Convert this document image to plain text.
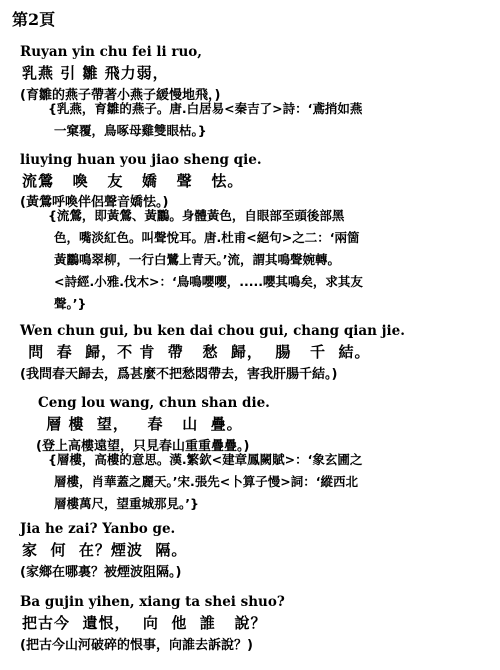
第2頁
Ruyan yin chu fei li ruo,
乳燕 引 雛 飛力弱，
(育雛的燕子帶著小燕子緩慢地飛，)
{乳燕，育雛的燕子。唐.白居易<秦吉了>詩：‘鳶捎如燕
一窠覆，鳥啄母雞雙眼枯。}
liuying huan you jiao sheng qie.
流鶯   喚   友   嬌   聲   怯。
(黃鶯呼喚伴侶聲音嬌怯。)
{流鶯，即黃鶯、黃鸝。身體黃色，自眼部至頭後部黑
色，嘴淡紅色。叫聲悅耳。唐.杜甫<絕句>之二：‘兩箇
黃鸝鳴翠柳，一行白鷺上青天。’流，謂其鳴聲婉轉。
<詩經.小雅.伐木>：‘鳥鳴嚶嚶，.....嚶其鳴矣，求其友
聲。’}
Wen chun gui, bu ken dai chou gui, chang qian jie.
問  春  歸，不 肯  帶   愁  歸，  腸   千  結。
(我問春天歸去，爲甚麼不把愁悶帶去，害我肝腸千結。)
Ceng lou wang, chun shan die.
層 樓  望，   春   山  疊。
(登上高樓遠望，只見春山重重疊疊。)
{層樓，高樓的意思。漢.繁欽<建章鳳闕賦>：‘象玄圃之
層樓，肖華蓋之麗天。’宋.張先<卜算子慢>詞：‘縱西北
層樓萬尺，望重城那見。’}
Jia he zai? Yanbo ge.
家  何  在？煙波  隔。
(家鄉在哪裏？被煙波阻隔。)
Ba gujin yihen, xiang ta shei shuo?
把古今  遺恨，  向  他  誰   說？
(把古今山河破碎的恨事，向誰去訴說？)
